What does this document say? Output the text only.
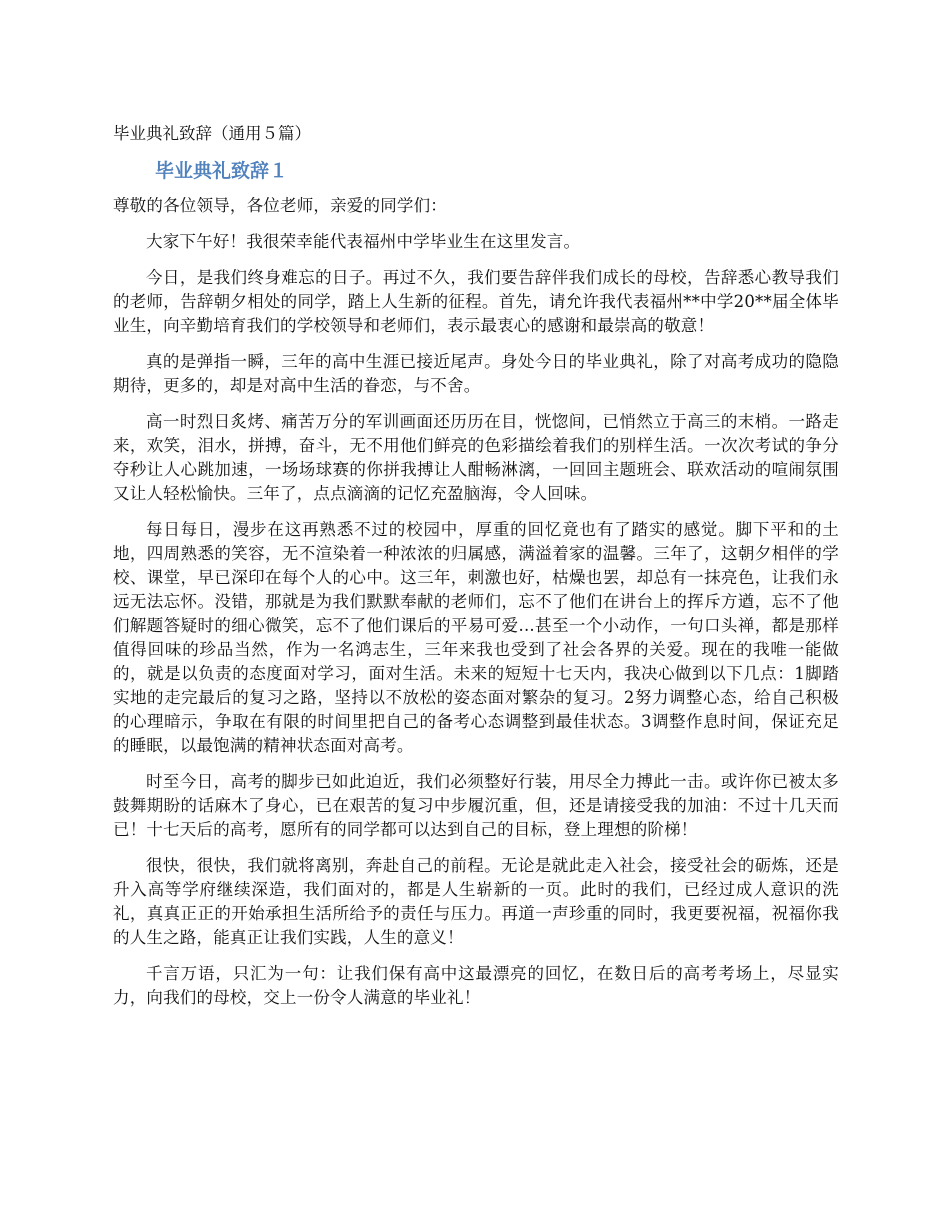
毕业典礼致辞（通用５篇）

毕业典礼致辞１

尊敬的各位领导，各位老师，亲爱的同学们：

大家下午好！我很荣幸能代表福州中学毕业生在这里发言。

今日，是我们终身难忘的日子。再过不久，我们要告辞伴我们成长的母校，告辞悉心教导我们的老师，告辞朝夕相处的同学，踏上人生新的征程。首先，请允许我代表福州**中学20**届全体毕业生，向辛勤培育我们的学校领导和老师们，表示最衷心的感谢和最崇高的敬意！

真的是弹指一瞬，三年的高中生涯已接近尾声。身处今日的毕业典礼，除了对高考成功的隐隐期待，更多的，却是对高中生活的眷恋，与不舍。

高一时烈日炙烤、痛苦万分的军训画面还历历在目，恍惚间，已悄然立于高三的末梢。一路走来，欢笑，泪水，拼搏，奋斗，无不用他们鲜亮的色彩描绘着我们的别样生活。一次次考试的争分夺秒让人心跳加速，一场场球赛的你拼我搏让人酣畅淋漓，一回回主题班会、联欢活动的喧闹氛围又让人轻松愉快。三年了，点点滴滴的记忆充盈脑海，令人回味。

每日每日，漫步在这再熟悉不过的校园中，厚重的回忆竟也有了踏实的感觉。脚下平和的土地，四周熟悉的笑容，无不渲染着一种浓浓的归属感，满溢着家的温馨。三年了，这朝夕相伴的学校、课堂，早已深印在每个人的心中。这三年，刺激也好，枯燥也罢，却总有一抹亮色，让我们永远无法忘怀。没错，那就是为我们默默奉献的老师们，忘不了他们在讲台上的挥斥方遒，忘不了他们解题答疑时的细心微笑，忘不了他们课后的平易可爱...甚至一个小动作，一句口头禅，都是那样值得回味的珍品当然，作为一名鸿志生，三年来我也受到了社会各界的关爱。现在的我唯一能做的，就是以负责的态度面对学习，面对生活。未来的短短十七天内，我决心做到以下几点：1脚踏实地的走完最后的复习之路，坚持以不放松的姿态面对繁杂的复习。2努力调整心态，给自己积极的心理暗示，争取在有限的时间里把自己的备考心态调整到最佳状态。3调整作息时间，保证充足的睡眠，以最饱满的精神状态面对高考。

时至今日，高考的脚步已如此迫近，我们必须整好行装，用尽全力搏此一击。或许你已被太多鼓舞期盼的话麻木了身心，已在艰苦的复习中步履沉重，但，还是请接受我的加油：不过十几天而已！十七天后的高考，愿所有的同学都可以达到自己的目标，登上理想的阶梯！

很快，很快，我们就将离别，奔赴自己的前程。无论是就此走入社会，接受社会的砺炼，还是升入高等学府继续深造，我们面对的，都是人生崭新的一页。此时的我们，已经过成人意识的洗礼，真真正正的开始承担生活所给予的责任与压力。再道一声珍重的同时，我更要祝福，祝福你我的人生之路，能真正让我们实践，人生的意义！

千言万语，只汇为一句：让我们保有高中这最漂亮的回忆，在数日后的高考考场上，尽显实力，向我们的母校，交上一份令人满意的毕业礼！
